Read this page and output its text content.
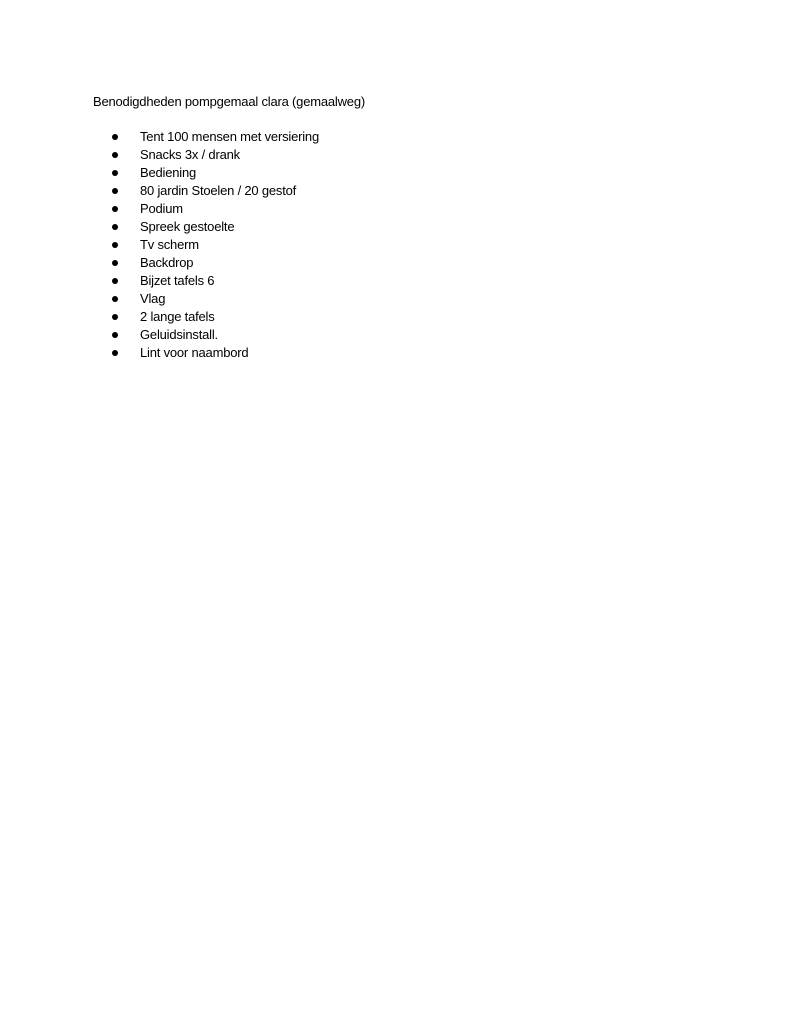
Benodigdheden pompgemaal clara (gemaalweg)
Tent 100 mensen met versiering
Snacks 3x / drank
Bediening
80 jardin Stoelen / 20 gestof
Podium
Spreek gestoelte
Tv scherm
Backdrop
Bijzet tafels 6
Vlag
2 lange tafels
Geluidsinstall.
Lint voor naambord
